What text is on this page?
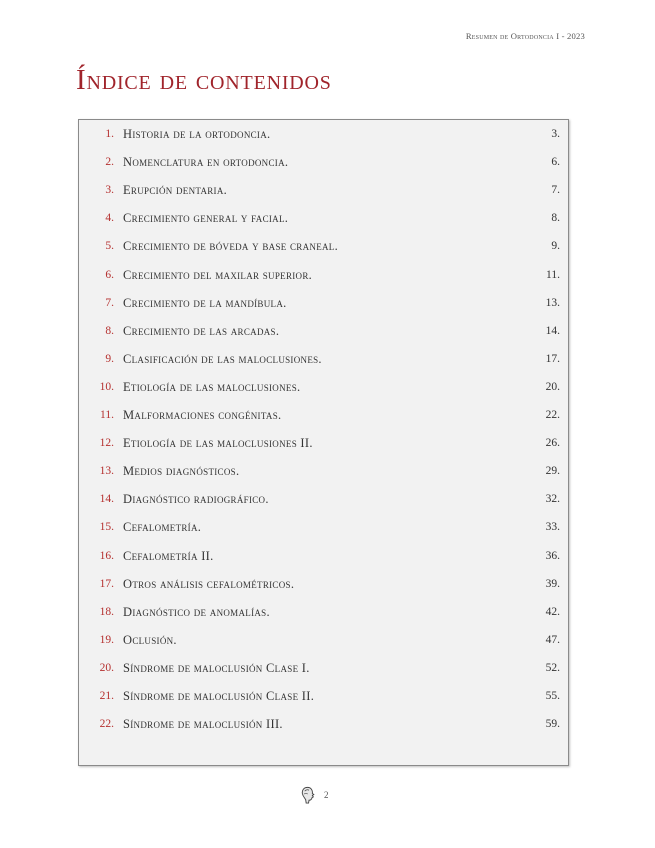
Resumen de Ortodoncia I - 2023
Índice de contenidos
1. Historia de la ortodoncia.	3.
2. Nomenclatura en ortodoncia.	6.
3. Erupción dentaria.	7.
4. Crecimiento general y facial.	8.
5. Crecimiento de bóveda y base craneal.	9.
6. Crecimiento del maxilar superior.	11.
7. Crecimiento de la mandíbula.	13.
8. Crecimiento de las arcadas.	14.
9. Clasificación de las maloclusiones.	17.
10. Etiología de las maloclusiones.	20.
11. Malformaciones congénitas.	22.
12. Etiología de las maloclusiones II.	26.
13. Medios diagnósticos.	29.
14. Diagnóstico radiográfico.	32.
15. Cefalometría.	33.
16. Cefalometría II.	36.
17. Otros análisis cefalométricos.	39.
18. Diagnóstico de anomalías.	42.
19. Oclusión.	47.
20. Síndrome de maloclusión Clase I.	52.
21. Síndrome de maloclusión Clase II.	55.
22. Síndrome de maloclusión III.	59.
2
